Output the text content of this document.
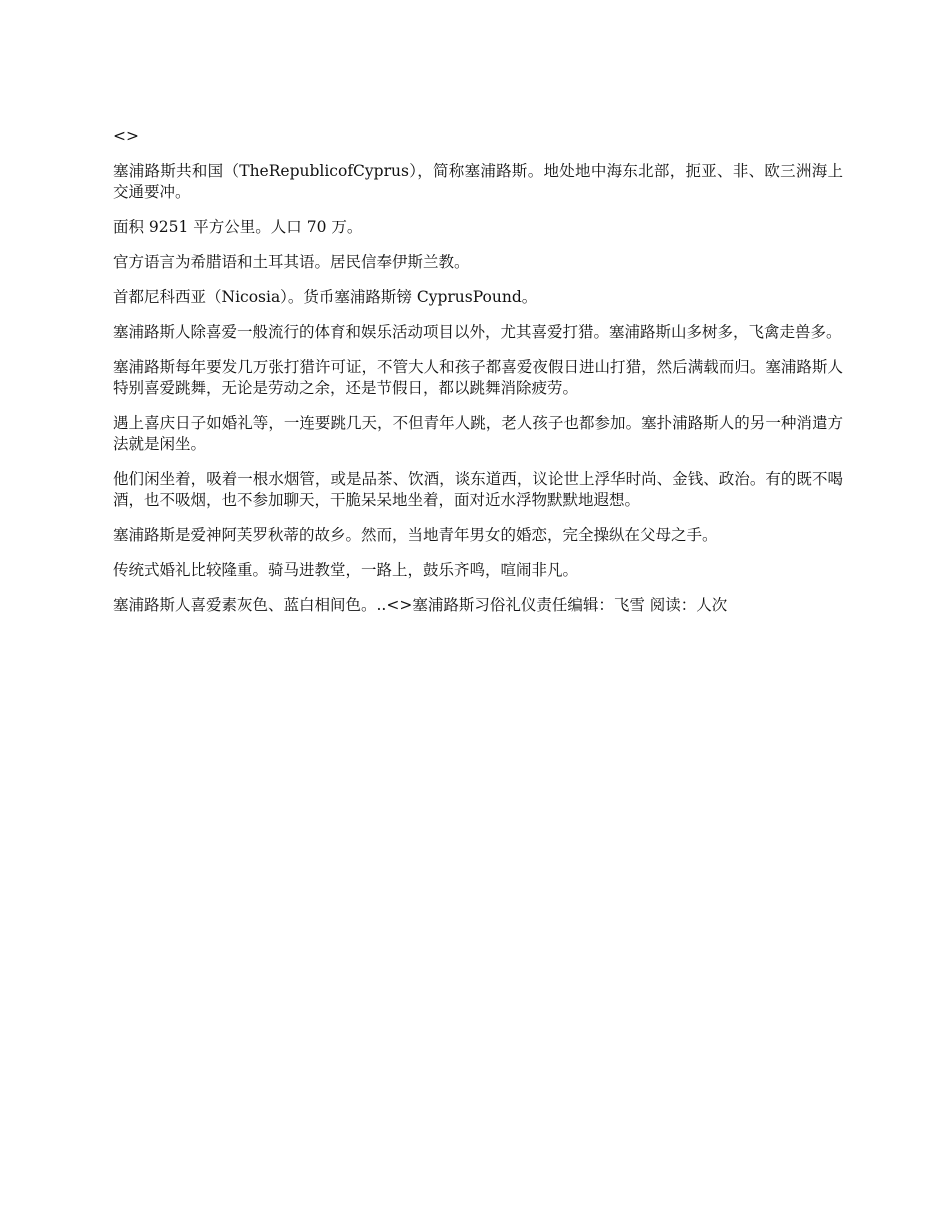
<>

塞浦路斯共和国（TheRepublicofCyprus），简称塞浦路斯。地处地中海东北部，扼亚、非、欧三洲海上交通要冲。

面积 9251 平方公里。人口 70 万。

官方语言为希腊语和土耳其语。居民信奉伊斯兰教。

首都尼科西亚（Nicosia）。货币塞浦路斯镑 CyprusPound。

塞浦路斯人除喜爱一般流行的体育和娱乐活动项目以外，尤其喜爱打猎。塞浦路斯山多树多，飞禽走兽多。

塞浦路斯每年要发几万张打猎许可证，不管大人和孩子都喜爱夜假日进山打猎，然后满载而归。塞浦路斯人特别喜爱跳舞，无论是劳动之余，还是节假日，都以跳舞消除疲劳。

遇上喜庆日子如婚礼等，一连要跳几天，不但青年人跳，老人孩子也都参加。塞扑浦路斯人的另一种消遣方法就是闲坐。

他们闲坐着，吸着一根水烟管，或是品茶、饮酒，谈东道西，议论世上浮华时尚、金钱、政治。有的既不喝酒，也不吸烟，也不参加聊天，干脆呆呆地坐着，面对近水浮物默默地遐想。

塞浦路斯是爱神阿芙罗秋蒂的故乡。然而，当地青年男女的婚恋，完全操纵在父母之手。

传统式婚礼比较隆重。骑马进教堂，一路上，鼓乐齐鸣，喧闹非凡。

塞浦路斯人喜爱素灰色、蓝白相间色。..<>塞浦路斯习俗礼仪责任编辑：飞雪 阅读：人次
